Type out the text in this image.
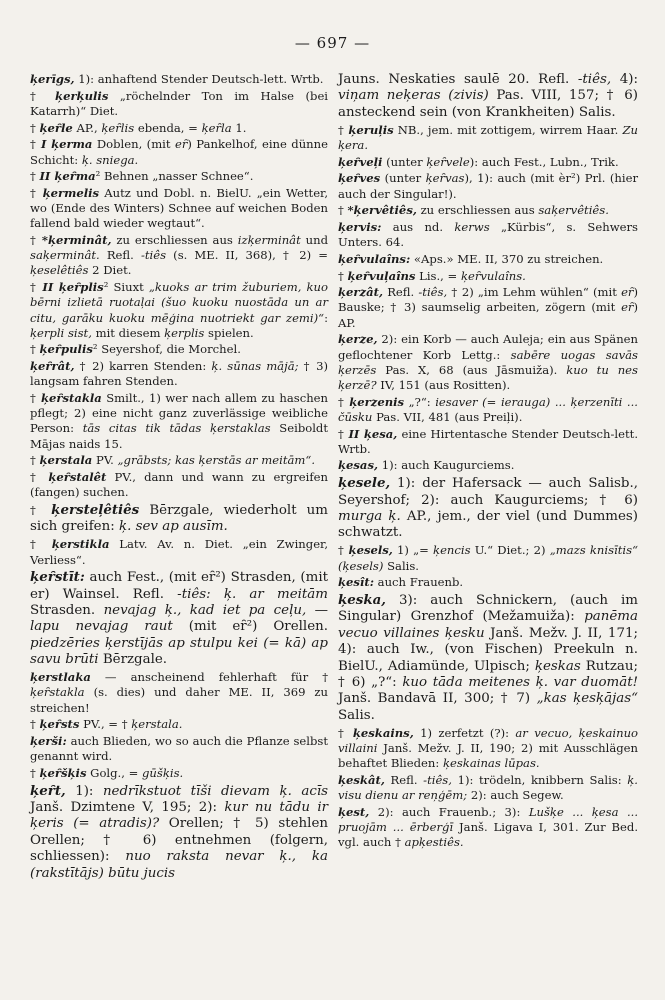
— 697 —
ķerīgs, 1): anhaftend Stender Deutsch-lett. Wrtb.
† ķerķulis „röchelnder Ton im Halse (bei Katarrh)“ Diet.
† ķeȓle AP., ķeȓlis ebenda, = ķeȓla 1.
† I ķerma Doblen, (mit eȓ) Pankelhof, eine dünne Schicht: ķ. sniega.
† II ķeȓma² Behnen „nasser Schnee“.
† ķermelis Autz und Dobl. n. BielU. „ein Wetter, wo (Ende des Winters) Schnee auf weichen Boden fallend bald wieder wegtaut“.
† *ķerminât, zu erschliessen aus izķerminât und saķerminât. Refl. -tiês (s. ME. II, 368), † 2) = ķeselêtiês 2 Diet.
† II ķeȓplis² Siuxt „kuoks ar trim žuburiem, kuo bērni izlietā ruotaļai (šuo kuoku nuostāda un ar citu, garāku kuoku mēģina nuotriekt gar zemi)“: ķerpli sist, mit diesem ķerplis spielen.
† ķeȓpulis² Seyershof, die Morchel.
ķeȓrât, † 2) karren Stenden: ķ. sūnas mājā; † 3) langsam fahren Stenden.
† ķeȓstakla Smilt., 1) wer nach allem zu haschen pflegt; 2) eine nicht ganz zuverlässige weibliche Person: tās citas tik tādas ķerstaklas Seiboldt Mājas naids 15.
† ķerstala PV. „grābsts; kas ķerstās ar meitām“.
† ķeȓstalêt PV., dann und wann zu ergreifen (fangen) suchen.
† ķersteļêtiês Bērzgale, wiederholt um sich greifen: ķ. sev ap ausīm.
† ķerstikla Latv. Av. n. Diet. „ein Zwinger, Verliess“.
ķeȓstīt: auch Fest., (mit eȓ²) Strasden, (mit er) Wainsel. Refl. -tiês: ķ. ar meitām Strasden. nevajag ķ., kad iet pa ceļu, — lapu nevajag raut (mit eȓ²) Orellen. piedzēries ķerstījās ap stulpu kei (= kā) ap savu brūti Bērzgale.
ķerstlaka — anscheinend fehlerhaft für † ķeȓstakla (s. dies) und daher ME. II, 369 zu streichen!
† ķeȓsts PV., = † ķerstala.
ķerši: auch Blieden, wo so auch die Pflanze selbst genannt wird.
† ķeȓšķis Golg., = gūšķis.
ķeȓt, 1): nedrīkstuot tīši dievam ķ. acīs Janš. Dzimtene V, 195; 2): kur nu tādu ir ķeris (= atradis)? Orellen; † 5) stehlen Orellen; † 6) entnehmen (folgern, schliessen): nuo raksta nevar ķ., ka (rakstītājs) būtu jucis
Jauns. Neskaties saulē 20. Refl. -tiês, 4): viņam neķeras (zivis) Pas. VIII, 157; † 6) ansteckend sein (von Krankheiten) Salis.
† ķeruļis NB., jem. mit zottigem, wirrem Haar. Zu ķera.
ķeȓveļi (unter ķeȓvele): auch Fest., Lubn., Trik.
ķeȓves (unter ķeȓvas), 1): auch (mit èr²) Prl. (hier auch der Singular!).
† *ķervêtiês, zu erschliessen aus saķervêtiês.
ķervis: aus nd. kerws „Kürbis“, s. Sehwers Unters. 64.
ķeȓvulaîns: «Aps.» ME. II, 370 zu streichen.
† ķeȓvuļaîns Lis., = ķeȓvulaîns.
ķerzât, Refl. -tiês, † 2) „im Lehm wühlen“ (mit eȓ) Bauske; † 3) saumselig arbeiten, zögern (mit eȓ) AP.
ķerze, 2): ein Korb — auch Auleja; ein aus Spänen geflochtener Korb Lettg.: sabēre uogas savās ķerzēs Pas. X, 68 (aus Jāsmuiža). kuo tu nes ķerzē? IV, 151 (aus Rositten).
† ķerzenis „?“: iesaver (= ierauga) ... ķerzenīti ... čūsku Pas. VII, 481 (aus Preiļi).
† II ķesa, eine Hirtentasche Stender Deutsch-lett. Wrtb.
ķesas, 1): auch Kaugurciems.
ķesele, 1): der Hafersack — auch Salisb., Seyershof; 2): auch Kaugurciems; † 6) murga ķ. AP., jem., der viel (und Dummes) schwatzt.
† ķesels, 1) „= ķencis U.“ Diet.; 2) „mazs knisītis“ (ķesels) Salis.
ķesît: auch Frauenb.
ķeska, 3): auch Schnickern, (auch im Singular) Grenzhof (Mežamuiža): panēma vecuo villaines ķesku Janš. Mežv. J. II, 171; 4): auch Iw., (von Fischen) Preekuln n. BielU., Adiamünde, Ulpisch; ķeskas Rutzau; † 6) „?“: kuo tāda meitenes ķ. var duomāt! Janš. Bandavā II, 300; † 7) „kas ķesķājas“ Salis.
† ķeskains, 1) zerfetzt (?): ar vecuo, ķeskainuo villaini Janš. Mežv. J. II, 190; 2) mit Ausschlägen behaftet Blieden: ķeskainas lūpas.
ķeskât, Refl. -tiês, 1): trödeln, knibbern Salis: ķ. visu dienu ar reņģēm; 2): auch Segew.
ķest, 2): auch Frauenb.; 3): Lušķe ... ķesa ... pruojām ... ērberģī Janš. Ligava I, 301. Zur Bed. vgl. auch † apķestiês.
